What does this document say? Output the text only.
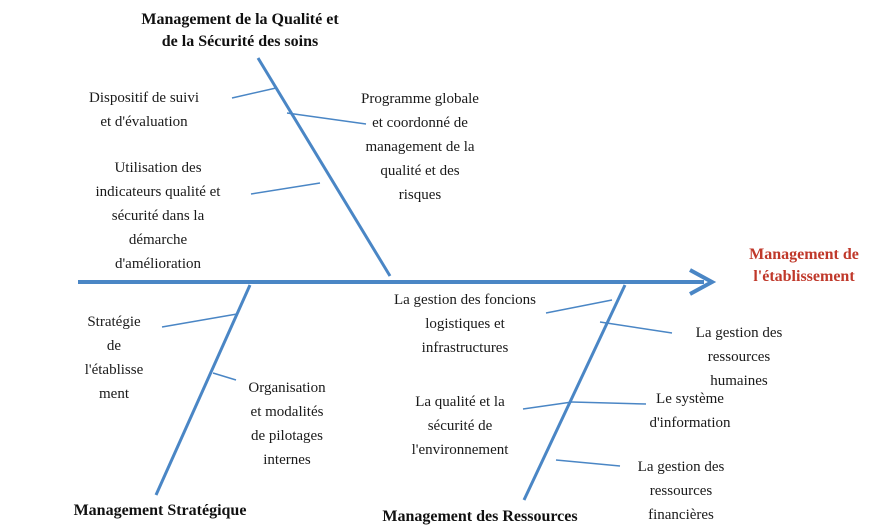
Management de
l'établissement
Management de la Qualité et
de la Sécurité des soins
Management Stratégique	Management des Ressources
Dispositif de suivi
et d'évaluation
Programme globale
et coordonné de
management de la
qualité et des
risques
Utilisation des
indicateurs qualité et
sécurité dans la
démarche
d'amélioration
Stratégie
de
l'établisse
ment	Organisation
et modalités
de pilotages
internes
La gestion des foncions
logistiques et
infrastructures
La gestion des
ressources
humaines
La qualité et la
sécurité de
l'environnement
Le système
d'information
La gestion des
ressources
financières
